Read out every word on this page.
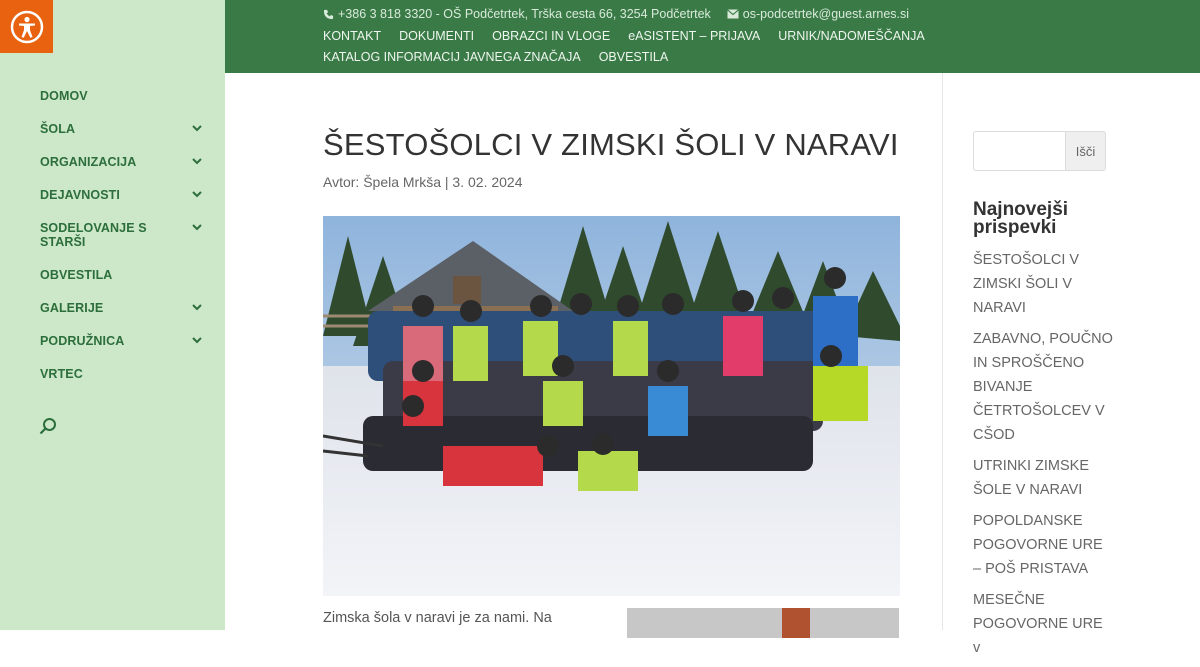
DOMOV
ŠOLA
ORGANIZACIJA
DEJAVNOSTI
SODELOVANJE S STARŠI
OBVESTILA
GALERIJE
PODRUŽNICA
VRTEC
+386 3 818 3320 - OŠ Podčetrtek, Trška cesta 66, 3254 Podčetrtek	os-podcetrtek@guest.arnes.si
KONTAKT DOKUMENTI OBRAZCI IN VLOGE eASISTENT – PRIJAVA URNIK/NADOMEŠČANJA
KATALOG INFORMACIJ JAVNEGA ZNAČAJA OBVESTILA
ŠESTOŠOLCI V ZIMSKI ŠOLI V NARAVI
Avtor: Špela Mrkša | 3. 02. 2024
Zimska šola v naravi je za nami. Na
Išči
Najnovejši prispevki
ŠESTOŠOLCI V ZIMSKI ŠOLI V NARAVI
ZABAVNO, POUČNO IN SPROŠČENO BIVANJE ČETRTOŠOLCEV V CŠOD
UTRINKI ZIMSKE ŠOLE V NARAVI
POPOLDANSKE POGOVORNE URE – POŠ PRISTAVA
MESEČNE POGOVORNE URE v
